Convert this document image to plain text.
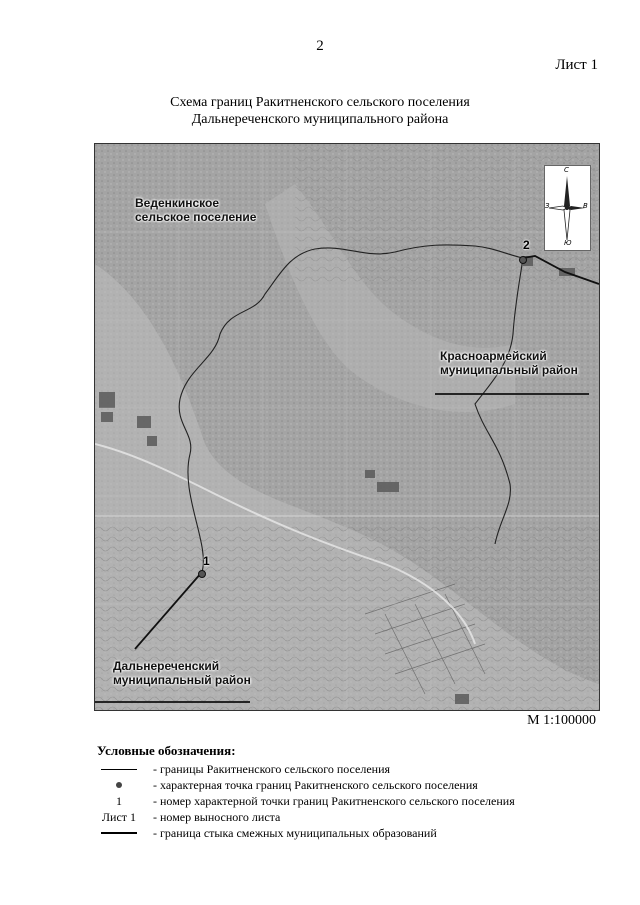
2
Лист 1
Схема границ Ракитненского сельского поселения
Дальнереченского муниципального района
Веденкинское
сельское поселение
Красноармейский
муниципальный район
Дальнереченский
муниципальный район
1
2
С
Ю
З	В
М 1:100000
Условные обозначения:
- границы Ракитненского сельского поселения
- характерная точка границ Ракитненского сельского поселения
1	- номер характерной точки границ Ракитненского сельского поселения
Лист 1	- номер выносного листа
- граница стыка смежных муниципальных образований
